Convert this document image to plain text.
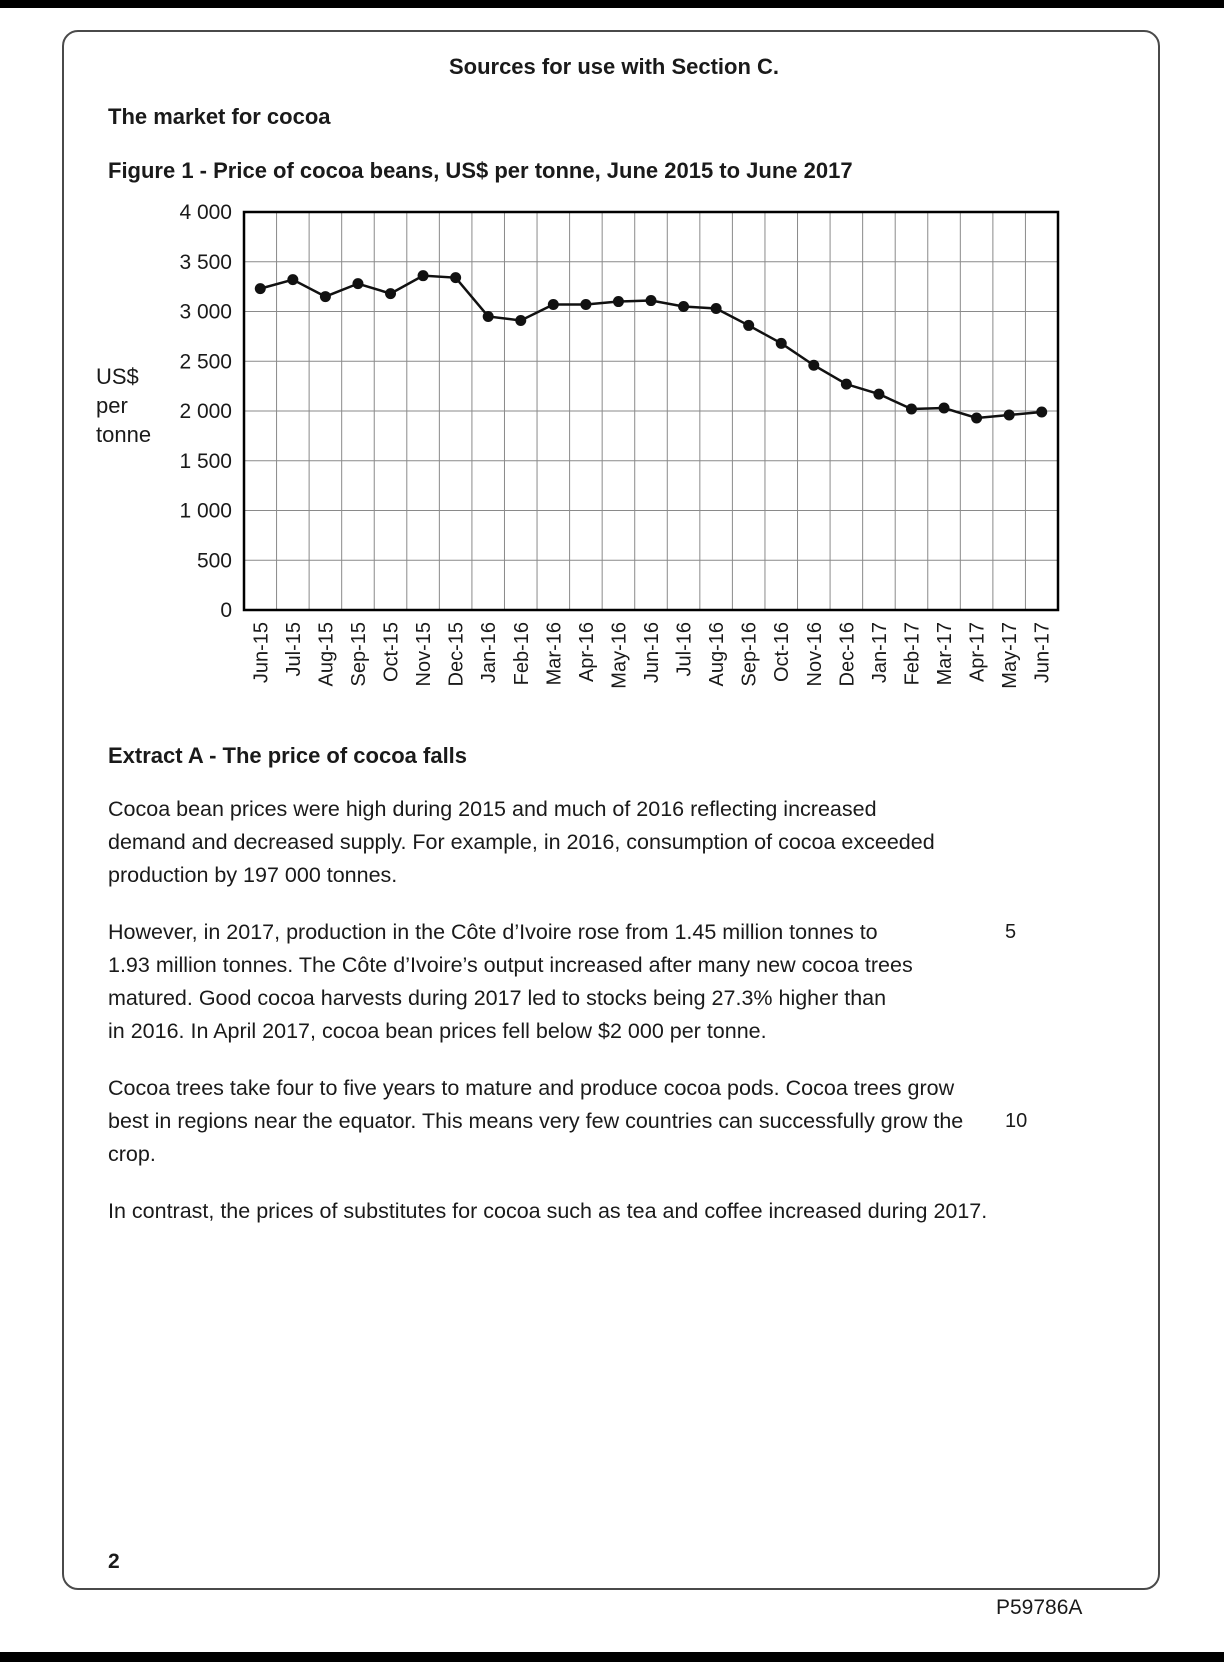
Sources for use with Section C.
The market for cocoa
Figure 1 - Price of cocoa beans, US$ per tonne, June 2015 to June 2017
US$
per
tonne
0
500
1 000
1 500
2 000
2 500
3 000
3 500
4 000
Jun-15 Jul-15 Aug-15 Sep-15 Oct-15 Nov-15 Dec-15 Jan-16 Feb-16 Mar-16 Apr-16 May-16 Jun-16 Jul-16 Aug-16 Sep-16 Oct-16 Nov-16 Dec-16 Jan-17 Feb-17 Mar-17 Apr-17 May-17 Jun-17
Extract A - The price of cocoa falls
Cocoa bean prices were high during 2015 and much of 2016 reflecting increased
demand and decreased supply. For example, in 2016, consumption of cocoa exceeded
production by 197 000 tonnes.
However, in 2017, production in the Côte d’Ivoire rose from 1.45 million tonnes to
1.93 million tonnes. The Côte d’Ivoire’s output increased after many new cocoa trees
matured. Good cocoa harvests during 2017 led to stocks being 27.3% higher than
in 2016. In April 2017, cocoa bean prices fell below $2 000 per tonne.
5
Cocoa trees take four to five years to mature and produce cocoa pods. Cocoa trees grow
best in regions near the equator. This means very few countries can successfully grow the
crop.
10
In contrast, the prices of substitutes for cocoa such as tea and coffee increased during 2017.
2
P59786A
